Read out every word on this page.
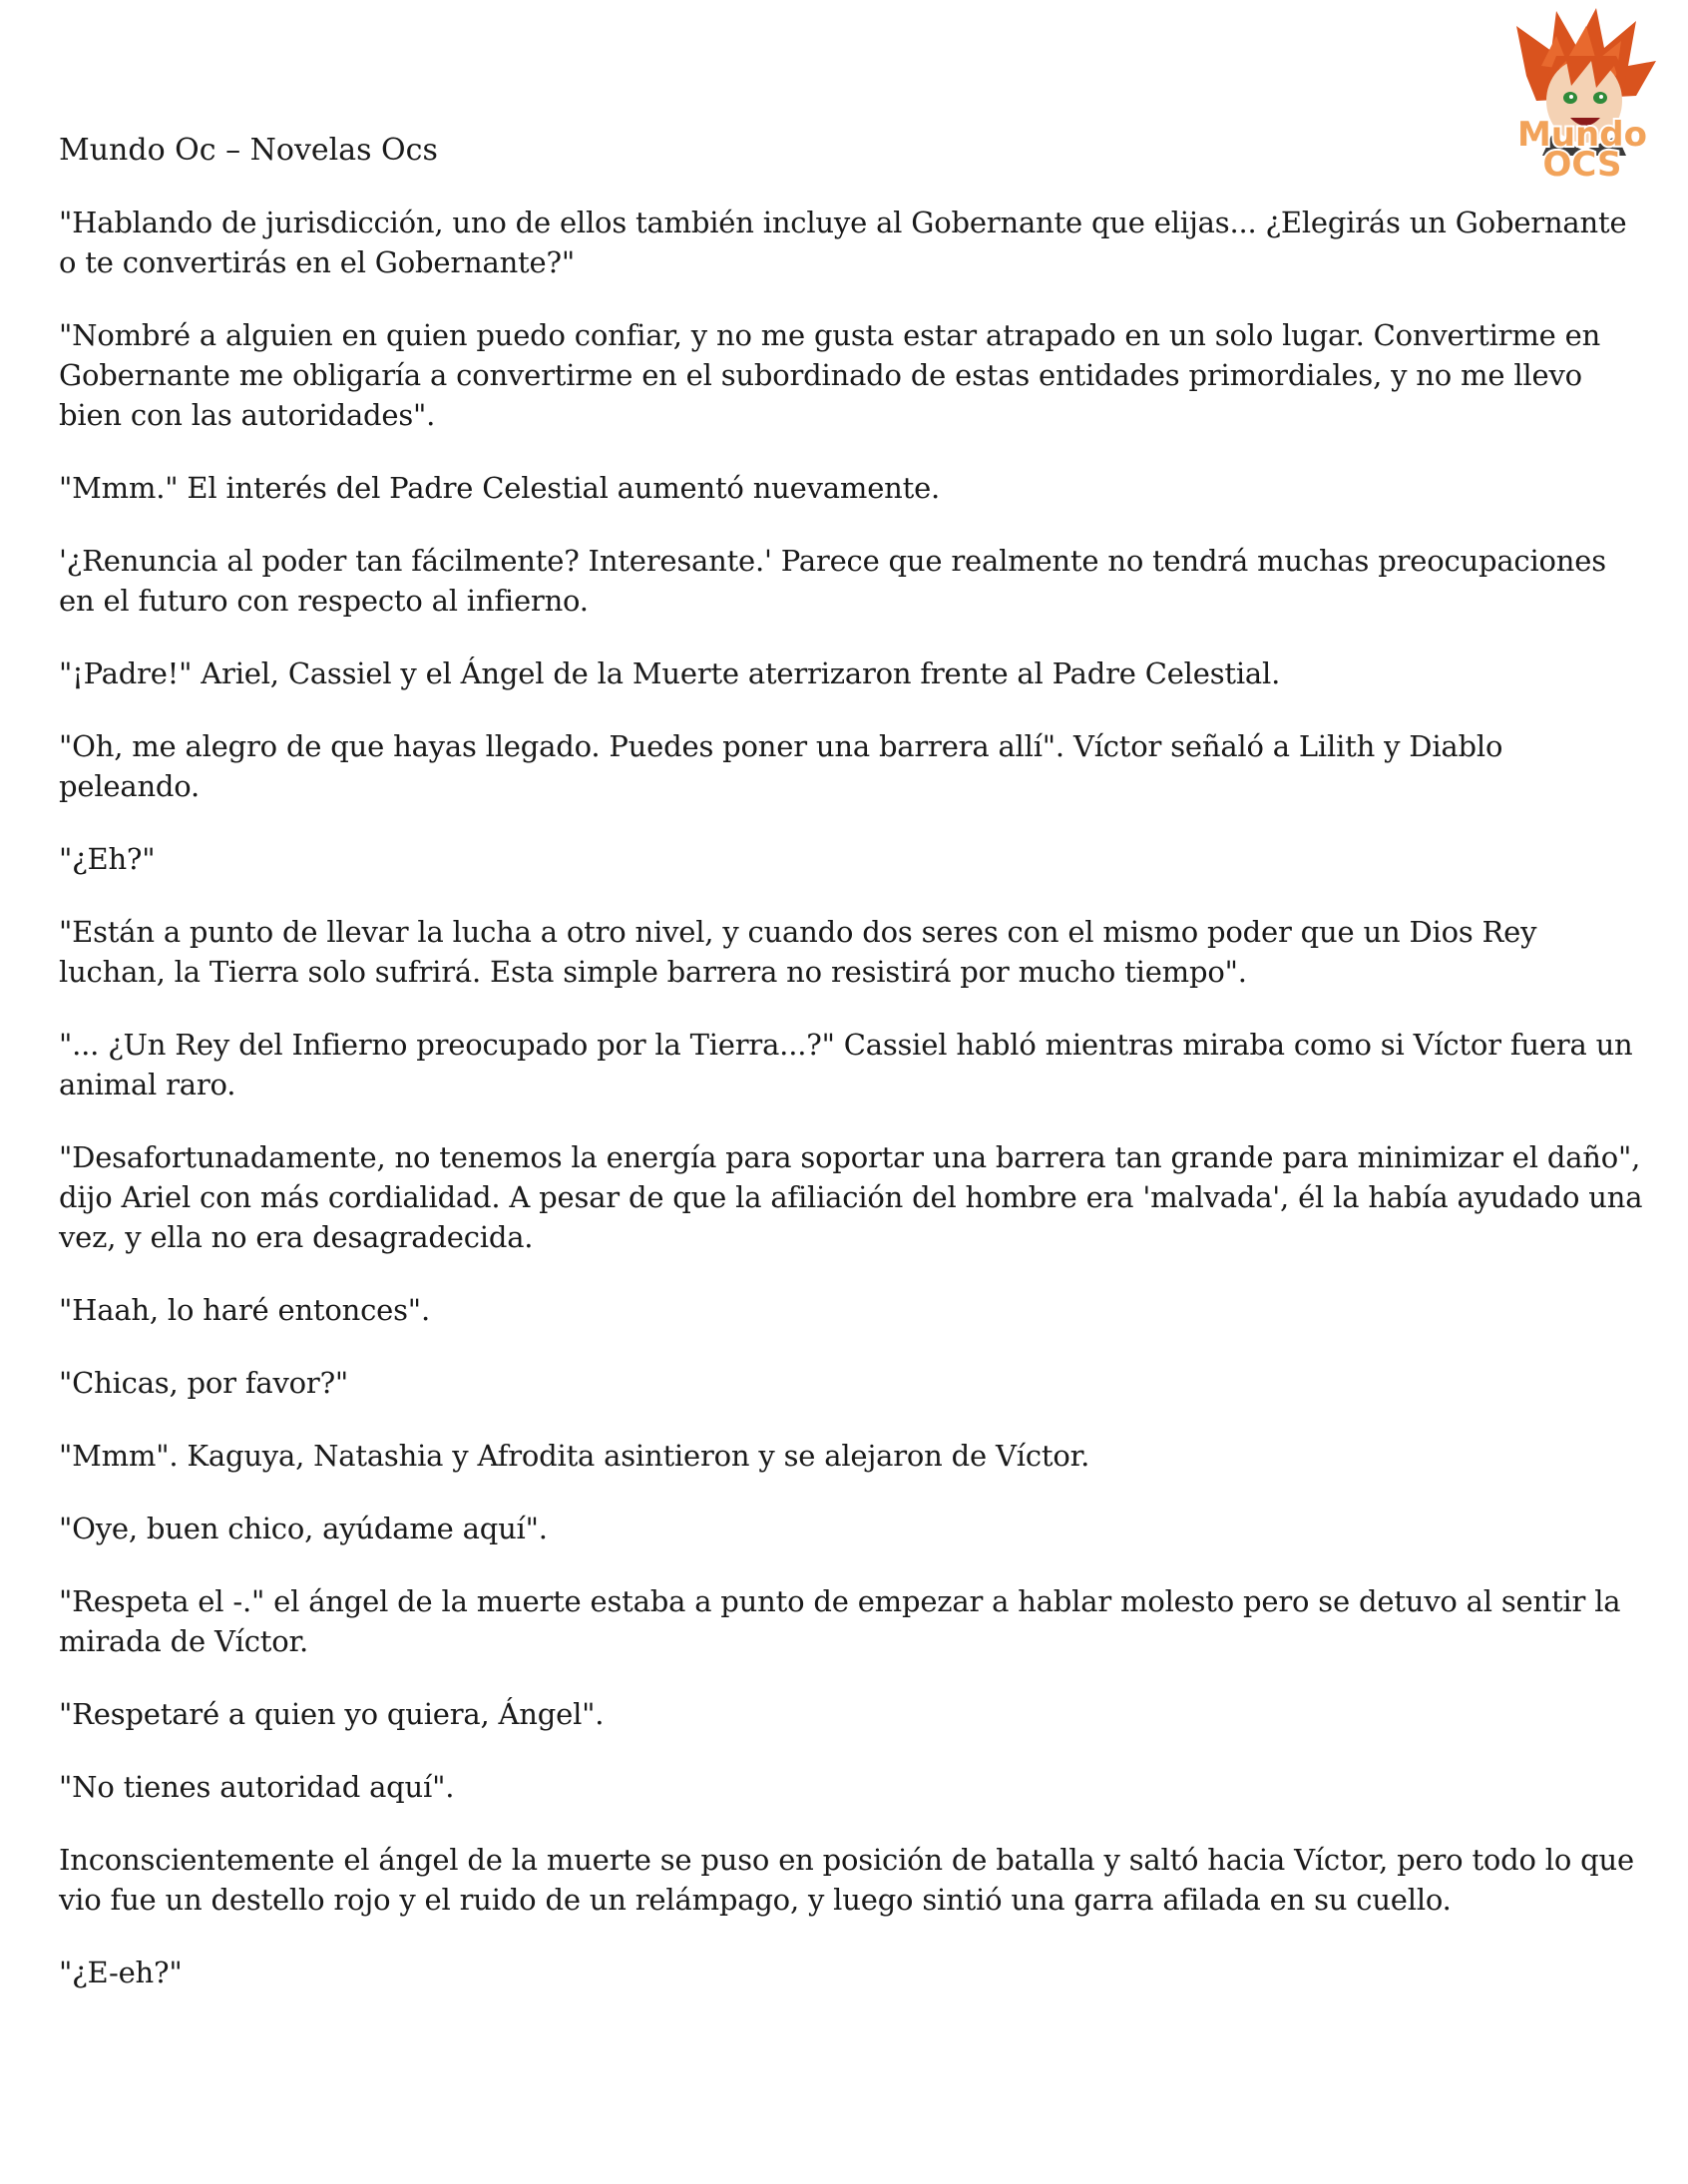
Mundo
OCS
Mundo Oc – Novelas Ocs

"Hablando de jurisdicción, uno de ellos también incluye al Gobernante que elijas... ¿Elegirás un Gobernante o te convertirás en el Gobernante?"

"Nombré a alguien en quien puedo confiar, y no me gusta estar atrapado en un solo lugar. Convertirme en Gobernante me obligaría a convertirme en el subordinado de estas entidades primordiales, y no me llevo bien con las autoridades".

"Mmm." El interés del Padre Celestial aumentó nuevamente.

'¿Renuncia al poder tan fácilmente? Interesante.' Parece que realmente no tendrá muchas preocupaciones en el futuro con respecto al infierno.

"¡Padre!" Ariel, Cassiel y el Ángel de la Muerte aterrizaron frente al Padre Celestial.

"Oh, me alegro de que hayas llegado. Puedes poner una barrera allí". Víctor señaló a Lilith y Diablo peleando.

"¿Eh?"

"Están a punto de llevar la lucha a otro nivel, y cuando dos seres con el mismo poder que un Dios Rey luchan, la Tierra solo sufrirá. Esta simple barrera no resistirá por mucho tiempo".

"... ¿Un Rey del Infierno preocupado por la Tierra...?" Cassiel habló mientras miraba como si Víctor fuera un animal raro.

"Desafortunadamente, no tenemos la energía para soportar una barrera tan grande para minimizar el daño", dijo Ariel con más cordialidad. A pesar de que la afiliación del hombre era 'malvada', él la había ayudado una vez, y ella no era desagradecida.

"Haah, lo haré entonces".

"Chicas, por favor?"

"Mmm". Kaguya, Natashia y Afrodita asintieron y se alejaron de Víctor.

"Oye, buen chico, ayúdame aquí".

"Respeta el -." el ángel de la muerte estaba a punto de empezar a hablar molesto pero se detuvo al sentir la mirada de Víctor.

"Respetaré a quien yo quiera, Ángel".

"No tienes autoridad aquí".

Inconscientemente el ángel de la muerte se puso en posición de batalla y saltó hacia Víctor, pero todo lo que vio fue un destello rojo y el ruido de un relámpago, y luego sintió una garra afilada en su cuello.

"¿E-eh?"
